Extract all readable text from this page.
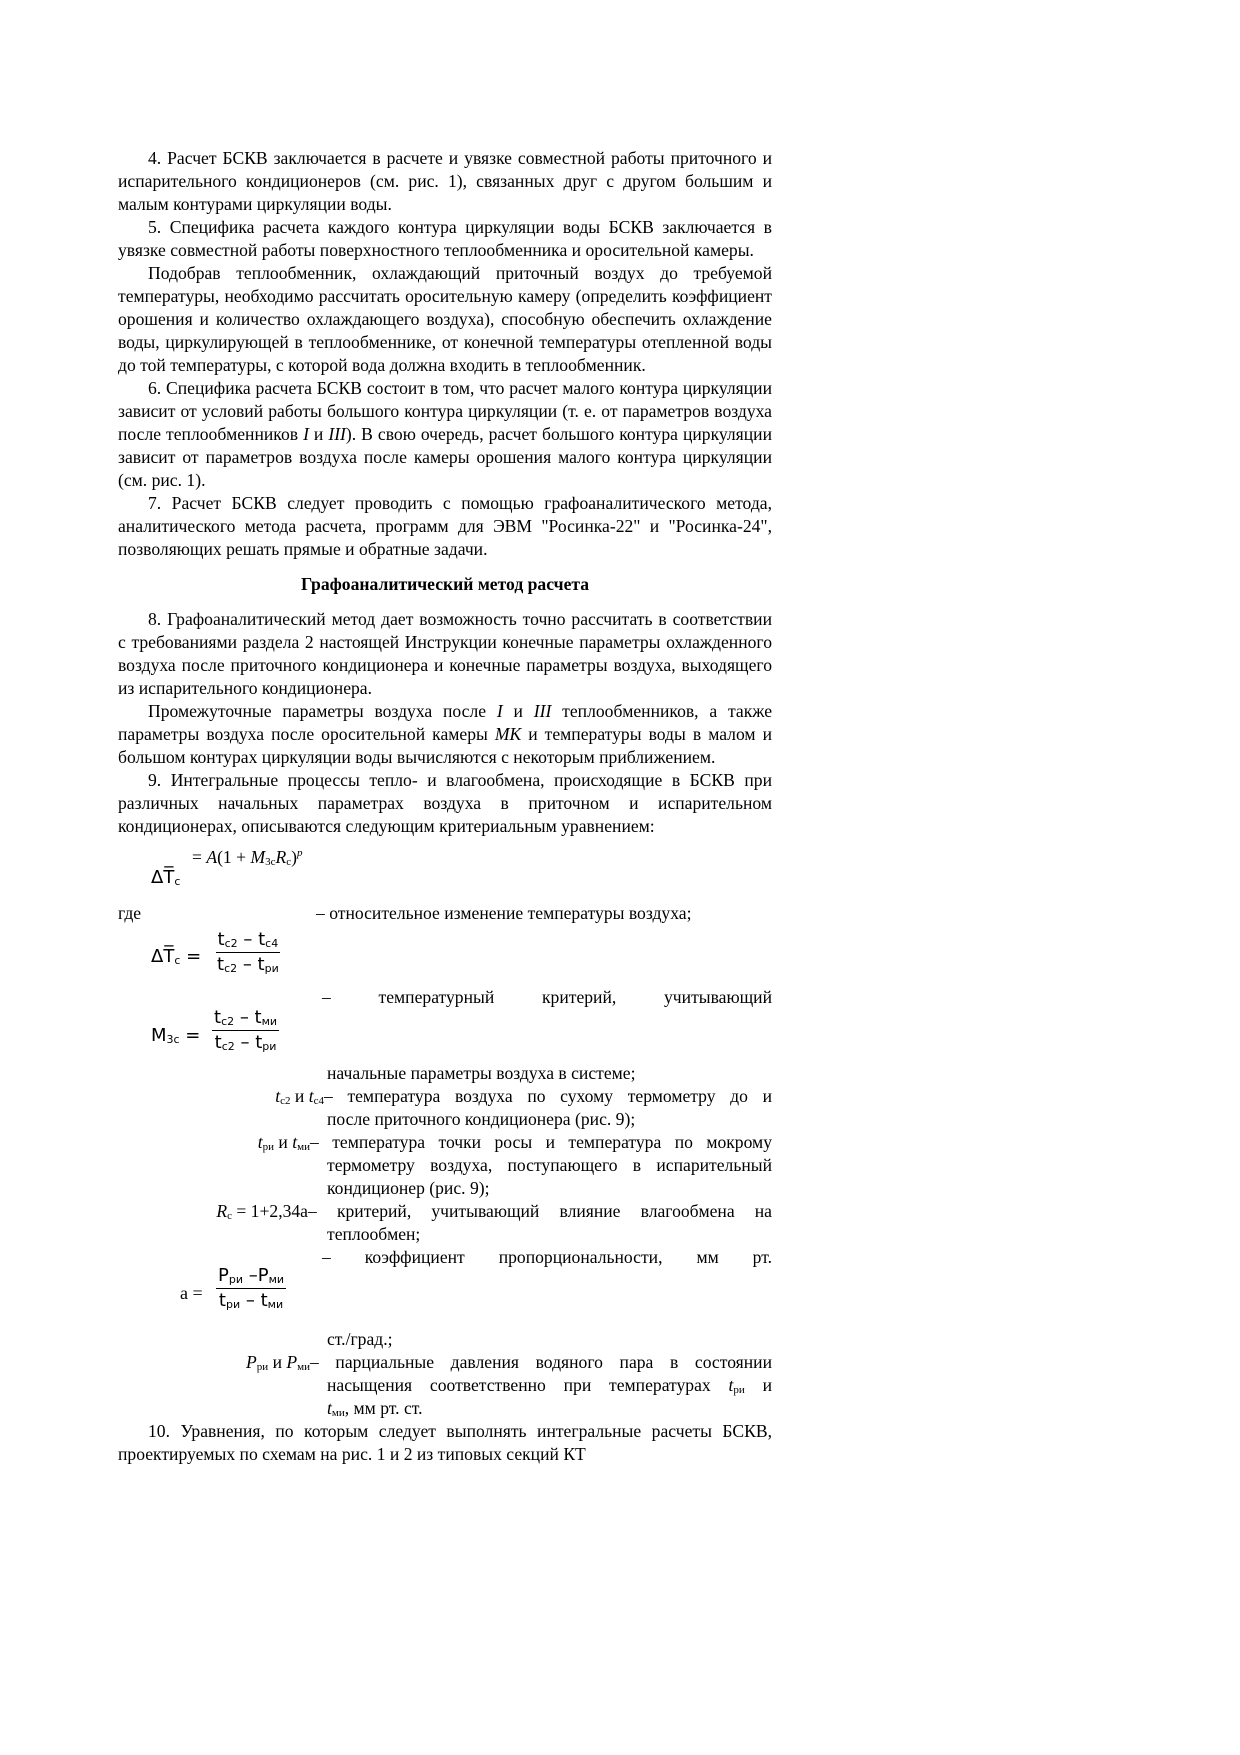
4. Расчет БСКВ заключается в расчете и увязке совместной работы приточного и испарительного кондиционеров (см. рис. 1), связанных друг с другом большим и малым контурами циркуляции воды.

5. Специфика расчета каждого контура циркуляции воды БСКВ заключается в увязке совместной работы поверхностного теплообменника и оросительной камеры.

Подобрав теплообменник, охлаждающий приточный воздух до требуемой температуры, необходимо рассчитать оросительную камеру (определить коэффициент орошения и количество охлаждающего воздуха), способную обеспечить охлаждение воды, циркулирующей в теплообменнике, от конечной температуры отепленной воды до той температуры, с которой вода должна входить в теплообменник.

6. Специфика расчета БСКВ состоит в том, что расчет малого контура циркуляции зависит от условий работы большого контура циркуляции (т. е. от параметров воздуха после теплообменников I и III). В свою очередь, расчет большого контура циркуляции зависит от параметров воздуха после камеры орошения малого контура циркуляции (см. рис. 1).

7. Расчет БСКВ следует проводить с помощью графоаналитического метода, аналитического метода расчета, программ для ЭВМ "Росинка-22" и "Росинка-24", позволяющих решать прямые и обратные задачи.

Графоаналитический метод расчета

8. Графоаналитический метод дает возможность точно рассчитать в соответствии с требованиями раздела 2 настоящей Инструкции конечные параметры охлажденного воздуха после приточного кондиционера и конечные параметры воздуха, выходящего из испарительного кондиционера.

Промежуточные параметры воздуха после I и III теплообменников, а также параметры воздуха после оросительной камеры МК и температуры воды в малом и большом контурах циркуляции воды вычисляются с некоторым приближением.

9. Интегральные процессы тепло- и влагообмена, происходящие в БСКВ при различных начальных параметрах воздуха в приточном и испарительном кондиционерах, описываются следующим критериальным уравнением:

$\Delta T̅_c$
= $A(1 + M_{3c}R_c)^p$
где	– относительное изменение температуры воздуха;
$\Delta T̅_c$ =
$t_{c2} - t_{c4}$
$t_{c2} - t_{ри}$
– температурный критерий, учитывающий
$M_{3c}$ =
$t_{c2} - t_{ми}$
$t_{c2} - t_{ри}$
начальные параметры воздуха в системе;
$t_{с2}$ и $t_{с4}$ – температура воздуха по сухому термометру до и
после приточного кондиционера (рис. 9);
$t_{ри}$ и $t_{ми}$ – температура точки росы и температура по мокрому
термометру воздуха, поступающего в испарительный кондиционер (рис. 9);
$R_с = 1+2,34а$ – критерий, учитывающий влияние влагообмена на
теплообмен;
– коэффициент пропорциональности, мм рт.
а =
$P_{ри}$ $-P_{ми}$
$t_{ри} - t_{ми}$
ст./град.;
$P_{ри}$ и $P_{ми}$ – парциальные давления водяного пара в состоянии
насыщения соответственно при температурах $t_{ри}$ и
$t_{ми}$, мм рт. ст.

10. Уравнения, по которым следует выполнять интегральные расчеты БСКВ, проектируемых по схемам на рис. 1 и 2 из типовых секций КТ
